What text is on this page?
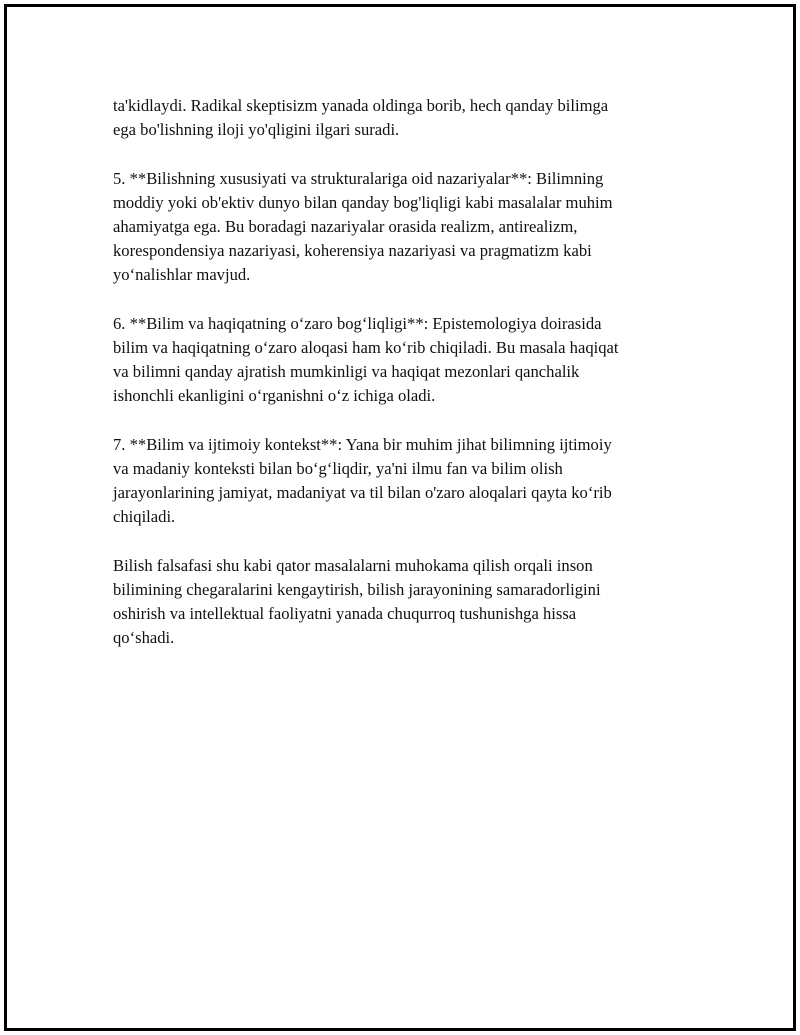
ta'kidlaydi. Radikal skeptisizm yanada oldinga borib, hech qanday bilimga
ega bo'lishning iloji yo'qligini ilgari suradi.

5. **Bilishning xususiyati va strukturalariga oid nazariyalar**: Bilimning
moddiy yoki ob'ektiv dunyo bilan qanday bog'liqligi kabi masalalar muhim
ahamiyatga ega. Bu boradagi nazariyalar orasida realizm, antirealizm,
korespondensiya nazariyasi, koherensiya nazariyasi va pragmatizm kabi
yo‘nalishlar mavjud.

6. **Bilim va haqiqatning o‘zaro bog‘liqligi**: Epistemologiya doirasida
bilim va haqiqatning o‘zaro aloqasi ham ko‘rib chiqiladi. Bu masala haqiqat
va bilimni qanday ajratish mumkinligi va haqiqat mezonlari qanchalik
ishonchli ekanligini o‘rganishni o‘z ichiga oladi.

7. **Bilim va ijtimoiy kontekst**: Yana bir muhim jihat bilimning ijtimoiy
va madaniy konteksti bilan bo‘g‘liqdir, ya'ni ilmu fan va bilim olish
jarayonlarining jamiyat, madaniyat va til bilan o'zaro aloqalari qayta ko‘rib
chiqiladi.

Bilish falsafasi shu kabi qator masalalarni muhokama qilish orqali inson
bilimining chegaralarini kengaytirish, bilish jarayonining samaradorligini
oshirish va intellektual faoliyatni yanada chuqurroq tushunishga hissa
qo‘shadi.
